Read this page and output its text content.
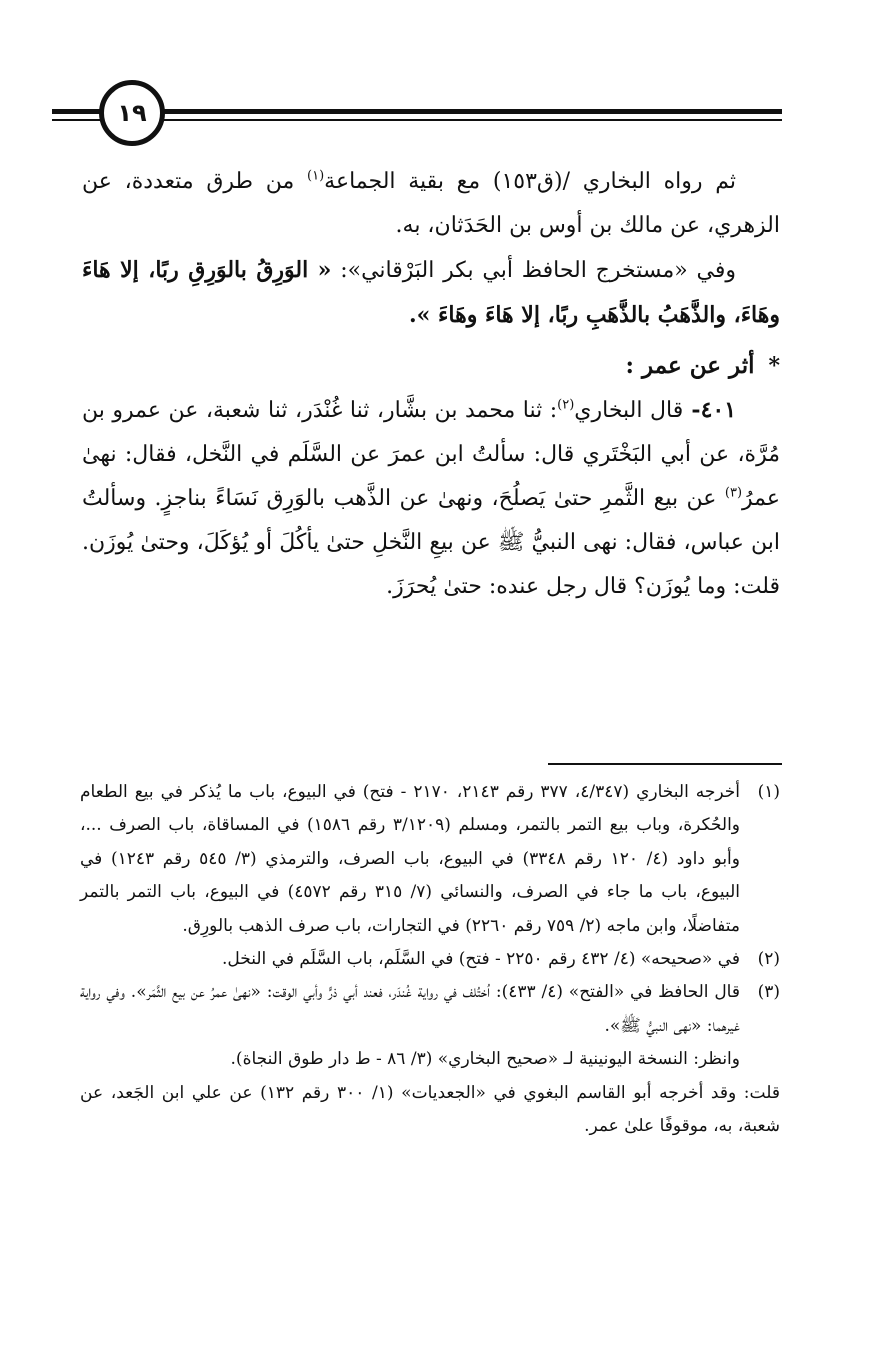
١٩

ثم رواه البخاري /(ق١٥٣) مع بقية الجماعة$^{(١)}$ من طرق متعددة، عن الزهري، عن مالك بن أوس بن الحَدَثان، به.

وفي «مستخرج الحافظ أبي بكر البَرْقاني»: « الوَرِقُ بالوَرِقِ ربًا، إلا هَاءَ وهَاءَ، والذَّهَبُ بالذَّهَبِ ربًا، إلا هَاءَ وهَاءَ ».

*أثر عن عمر :

٤٠١- قال البخاري$^{(٢)}$: ثنا محمد بن بشَّار، ثنا غُنْدَر، ثنا شعبة، عن عمرو بن مُرَّة، عن أبي البَخْتَري قال: سألتُ ابن عمرَ عن السَّلَم في النَّخل، فقال: نهىٰ عمرُ$^{(٣)}$ عن بيع الثَّمرِ حتىٰ يَصلُحَ، ونهىٰ عن الذَّهب بالوَرِق نَسَاءً بناجزٍ. وسألتُ ابن عباس، فقال: نهى النبيُّ ﷺ عن بيعِ النَّخلِ حتىٰ يأكُلَ أو يُؤكَلَ، وحتىٰ يُوزَن. قلت: وما يُوزَن؟ قال رجل عنده: حتىٰ يُحرَزَ.

(١)

أخرجه البخاري (٤/٣٤٧، ٣٧٧ رقم ٢١٤٣، ٢١٧٠ - فتح) في البيوع، باب ما يُذكر في بيع الطعام والحُكرة، وباب بيع التمر بالتمر، ومسلم (٣/١٢٠٩ رقم ١٥٨٦) في المساقاة، باب الصرف ...، وأبو داود (٤/ ١٢٠ رقم ٣٣٤٨) في البيوع، باب الصرف، والترمذي (٣/ ٥٤٥ رقم ١٢٤٣) في البيوع، باب ما جاء في الصرف، والنسائي (٧/ ٣١٥ رقم ٤٥٧٢) في البيوع، باب التمر بالتمر متفاضلًا، وابن ماجه (٢/ ٧٥٩ رقم ٢٢٦٠) في التجارات، باب صرف الذهب بالورِق.

(٢)

في «صحيحه» (٤/ ٤٣٢ رقم ٢٢٥٠ - فتح) في السَّلَم، باب السَّلَم في النخل.

(٣)

قال الحافظ في «الفتح» (٤/ ٤٣٣): اُختُلف في رواية غُندَر، فعند أبي ذرٍّ وأبي الوقت: «نهىٰ عمرُ عن بيع الثَّمَر». وفي رواية غيرهما: «نهى النبيُّ ﷺ».

وانظر: النسخة اليونينية لـ «صحيح البخاري» (٣/ ٨٦ - ط دار طوق النجاة).

قلت: وقد أخرجه أبو القاسم البغوي في «الجعديات» (١/ ٣٠٠ رقم ١٣٢) عن علي ابن الجَعد، عن شعبة، به، موقوفًا علىٰ عمر.
